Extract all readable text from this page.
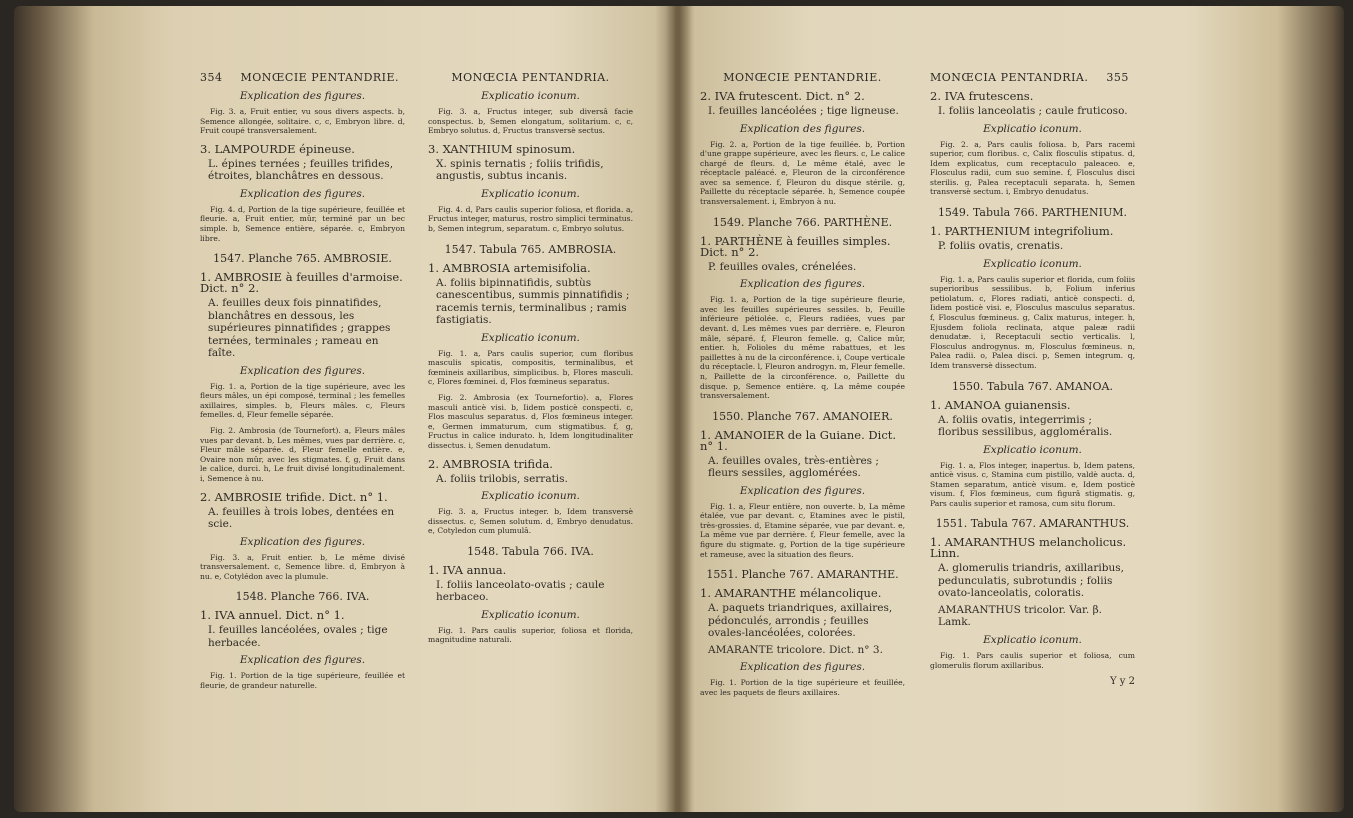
354 MONŒCIE PENTANDRIE.
Explication des figures.
Fig. 3. a, Fruit entier, vu sous divers aspects. b, Semence allongée, solitaire. c, c, Embryon libre. d, Fruit coupé transversalement.
3. LAMPOURDE épineuse.
L. épines ternées ; feuilles trifides, étroites, blanchâtres en dessous.
Explication des figures.
Fig. 4. d, Portion de la tige supérieure, feuillée et fleurie. a, Fruit entier, mûr, terminé par un bec simple. b, Semence entière, séparée. c, Embryon libre.
1547. Planche 765. AMBROSIE.
1. AMBROSIE à feuilles d'armoise. Dict. n° 2.
A. feuilles deux fois pinnatifides, blanchâtres en dessous, les supérieures pinnatifides ; grappes ternées, terminales ; rameau en faîte.
Explication des figures.
Fig. 1. a, Portion de la tige supérieure, avec les fleurs mâles, un épi composé, terminal ; les femelles axillaires, simples. b, Fleurs mâles. c, Fleurs femelles. d, Fleur femelle séparée.
Fig. 2. Ambrosia (de Tournefort). a, Fleurs mâles vues par devant. b, Les mêmes, vues par derrière. c, Fleur mâle séparée. d, Fleur femelle entière. e, Ovaire non mûr, avec les stigmates. f, g, Fruit dans le calice, durci. h, Le fruit divisé longitudinalement. i, Semence à nu.
2. AMBROSIE trifide. Dict. n° 1.
A. feuilles à trois lobes, dentées en scie.
Explication des figures.
Fig. 3. a, Fruit entier. b, Le même divisé transversalement. c, Semence libre. d, Embryon à nu. e, Cotylédon avec la plumule.
1548. Planche 766. IVA.
1. IVA annuel. Dict. n° 1.
I. feuilles lancéolées, ovales ; tige herbacée.
Explication des figures.
Fig. 1. Portion de la tige supérieure, feuillée et fleurie, de grandeur naturelle.
MONŒCIA PENTANDRIA.
Explicatio iconum.
Fig. 3. a, Fructus integer, sub diversâ facie conspectus. b, Semen elongatum, solitarium. c, c, Embryo solutus. d, Fructus transversè sectus.
3. XANTHIUM spinosum.
X. spinis ternatis ; foliis trifidis, angustis, subtus incanis.
Explicatio iconum.
Fig. 4. d, Pars caulis superior foliosa, et florida. a, Fructus integer, maturus, rostro simplici terminatus. b, Semen integrum, separatum. c, Embryo solutus.
1547. Tabula 765. AMBROSIA.
1. AMBROSIA artemisifolia.
A. foliis bipinnatifidis, subtùs canescentibus, summis pinnatifidis ; racemis ternis, terminalibus ; ramis fastigiatis.
Explicatio iconum.
Fig. 1. a, Pars caulis superior, cum floribus masculis spicatis, compositis, terminalibus, et fœmineis axillaribus, simplicibus. b, Flores masculi. c, Flores fœminei. d, Flos fœmineus separatus.
Fig. 2. Ambrosia (ex Tournefortio). a, Flores masculi anticè visi. b, Iidem posticè conspecti. c, Flos masculus separatus. d, Flos fœmineus integer. e, Germen immaturum, cum stigmatibus. f, g, Fructus in calice indurato. h, Idem longitudinaliter dissectus. i, Semen denudatum.
2. AMBROSIA trifida.
A. foliis trilobis, serratis.
Explicatio iconum.
Fig. 3. a, Fructus integer. b, Idem transversè dissectus. c, Semen solutum. d, Embryo denudatus. e, Cotyledon cum plumulâ.
1548. Tabula 766. IVA.
1. IVA annua.
I. foliis lanceolato-ovatis ; caule herbaceo.
Explicatio iconum.
Fig. 1. Pars caulis superior, foliosa et florida, magnitudine naturali.
MONŒCIE PENTANDRIE.
2. IVA frutescent. Dict. n° 2.
I. feuilles lancéolées ; tige ligneuse.
Explication des figures.
Fig. 2. a, Portion de la tige feuillée. b, Portion d'une grappe supérieure, avec les fleurs. c, Le calice chargé de fleurs. d, Le même étalé, avec le réceptacle paléacé. e, Fleuron de la circonférence avec sa semence. f, Fleuron du disque stérile. g, Paillette du réceptacle séparée. h, Semence coupée transversalement. i, Embryon à nu.
1549. Planche 766. PARTHÈNE.
1. PARTHÈNE à feuilles simples. Dict. n° 2.
P. feuilles ovales, crénelées.
Explication des figures.
Fig. 1. a, Portion de la tige supérieure fleurie, avec les feuilles supérieures sessiles. b, Feuille inférieure pétiolée. c, Fleurs radiées, vues par devant. d, Les mêmes vues par derrière. e, Fleuron mâle, séparé. f, Fleuron femelle. g, Calice mûr, entier. h, Folioles du même rabattues, et les paillettes à nu de la circonférence. i, Coupe verticale du réceptacle. l, Fleuron androgyn. m, Fleur femelle. n, Paillette de la circonférence. o, Paillette du disque. p, Semence entière. q, La même coupée transversalement.
1550. Planche 767. AMANOIER.
1. AMANOIER de la Guiane. Dict. n° 1.
A. feuilles ovales, très-entières ; fleurs sessiles, agglomérées.
Explication des figures.
Fig. 1. a, Fleur entière, non ouverte. b, La même étalée, vue par devant. c, Etamines avec le pistil, très-grossies. d, Etamine séparée, vue par devant. e, La même vue par derrière. f, Fleur femelle, avec la figure du stigmate. g, Portion de la tige supérieure et rameuse, avec la situation des fleurs.
1551. Planche 767. AMARANTHE.
1. AMARANTHE mélancolique.
A. paquets triandriques, axillaires, pédonculés, arrondis ; feuilles ovales-lancéolées, colorées.
AMARANTE tricolore. Dict. n° 3.
Explication des figures.
Fig. 1. Portion de la tige supérieure et feuillée, avec les paquets de fleurs axillaires.
MONŒCIA PENTANDRIA. 355
2. IVA frutescens.
I. foliis lanceolatis ; caule fruticoso.
Explicatio iconum.
Fig. 2. a, Pars caulis foliosa. b, Pars racemi superior, cum floribus. c, Calix flosculis stipatus. d, Idem explicatus, cum receptaculo paleaceo. e, Flosculus radii, cum suo semine. f, Flosculus disci sterilis. g, Palea receptaculi separata. h, Semen transversè sectum. i, Embryo denudatus.
1549. Tabula 766. PARTHENIUM.
1. PARTHENIUM integrifolium.
P. foliis ovatis, crenatis.
Explicatio iconum.
Fig. 1. a, Pars caulis superior et florida, cum foliis superioribus sessilibus. b, Folium inferius petiolatum. c, Flores radiati, anticè conspecti. d, Iidem posticè visi. e, Flosculus masculus separatus. f, Flosculus fœmineus. g, Calix maturus, integer. h, Ejusdem foliola reclinata, atque paleæ radii denudatæ. i, Receptaculi sectio verticalis. l, Flosculus androgynus. m, Flosculus fœmineus. n, Palea radii. o, Palea disci. p, Semen integrum. q, Idem transversè dissectum.
1550. Tabula 767. AMANOA.
1. AMANOA guianensis.
A. foliis ovatis, integerrimis ; floribus sessilibus, aggloméralis.
Explicatio iconum.
Fig. 1. a, Flos integer, inapertus. b, Idem patens, anticè visus. c, Stamina cum pistillo, valdè aucta. d, Stamen separatum, anticè visum. e, Idem posticè visum. f, Flos fœmineus, cum figurâ stigmatis. g, Pars caulis superior et ramosa, cum situ florum.
1551. Tabula 767. AMARANTHUS.
1. AMARANTHUS melancholicus. Linn.
A. glomerulis triandris, axillaribus, pedunculatis, subrotundis ; foliis ovato-lanceolatis, coloratis.
AMARANTHUS tricolor. Var. β. Lamk.
Explicatio iconum.
Fig. 1. Pars caulis superior et foliosa, cum glomerulis florum axillaribus.
Y y 2
